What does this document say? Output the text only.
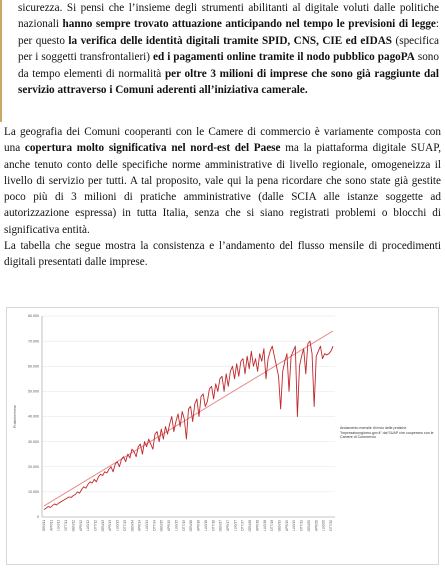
sicurezza. Si pensi che l’insieme degli strumenti abilitanti al digitale voluti dalle politiche nazionali hanno sempre trovato attuazione anticipando nel tempo le previsioni di legge: per questo la verifica delle identità digitali tramite SPID, CNS, CIE ed eIDAS (specifica per i soggetti transfrontalieri) ed i pagamenti online tramite il nodo pubblico pagoPA sono da tempo elementi di normalità per oltre 3 milioni di imprese che sono già raggiunte dal servizio attraverso i Comuni aderenti all’iniziativa camerale.

La geografia dei Comuni cooperanti con le Camere di commercio è variamente composta con una copertura molto significativa nel nord-est del Paese ma la piattaforma digitale SUAP, anche tenuto conto delle specifiche norme amministrative di livello regionale, omogeneizza il livello di servizio per tutti. A tal proposito, vale qui la pena ricordare che sono state già gestite poco più di 3 milioni di pratiche amministrative (dalle SCIA alle istanze soggette ad autorizzazione espressa) in tutta Italia, senza che si siano registrati problemi o blocchi di significativa entità.

La tabella che segue mostra la consistenza e l’andamento del flusso mensile di procedimenti digitali presentati dalle imprese.

0
10.000
20.000
30.000
40.000
50.000
60.000
70.000
80.000
Pratiche/mese
GEN/11 APR/11 LUG/11 OTT/11 GEN/12 APR/12 LUG/12 OTT/12 GEN/13 APR/13 LUG/13 OTT/13 GEN/14 APR/14 LUG/14 OTT/14 GEN/15 APR/15 LUG/15 OTT/15 GEN/16 APR/16 LUG/16 OTT/16 GEN/17 APR/17 LUG/17 OTT/17 GEN/18 APR/18 LUG/18 OTT/18 GEN/19 APR/19 LUG/19 OTT/19 GEN/20 APR/20 LUG/20 OTT/20
Andamento mensile di invio delle pratiche "Impresainungiorno.gov.it" dal SUAP che cooperano con le Camere di Commercio
